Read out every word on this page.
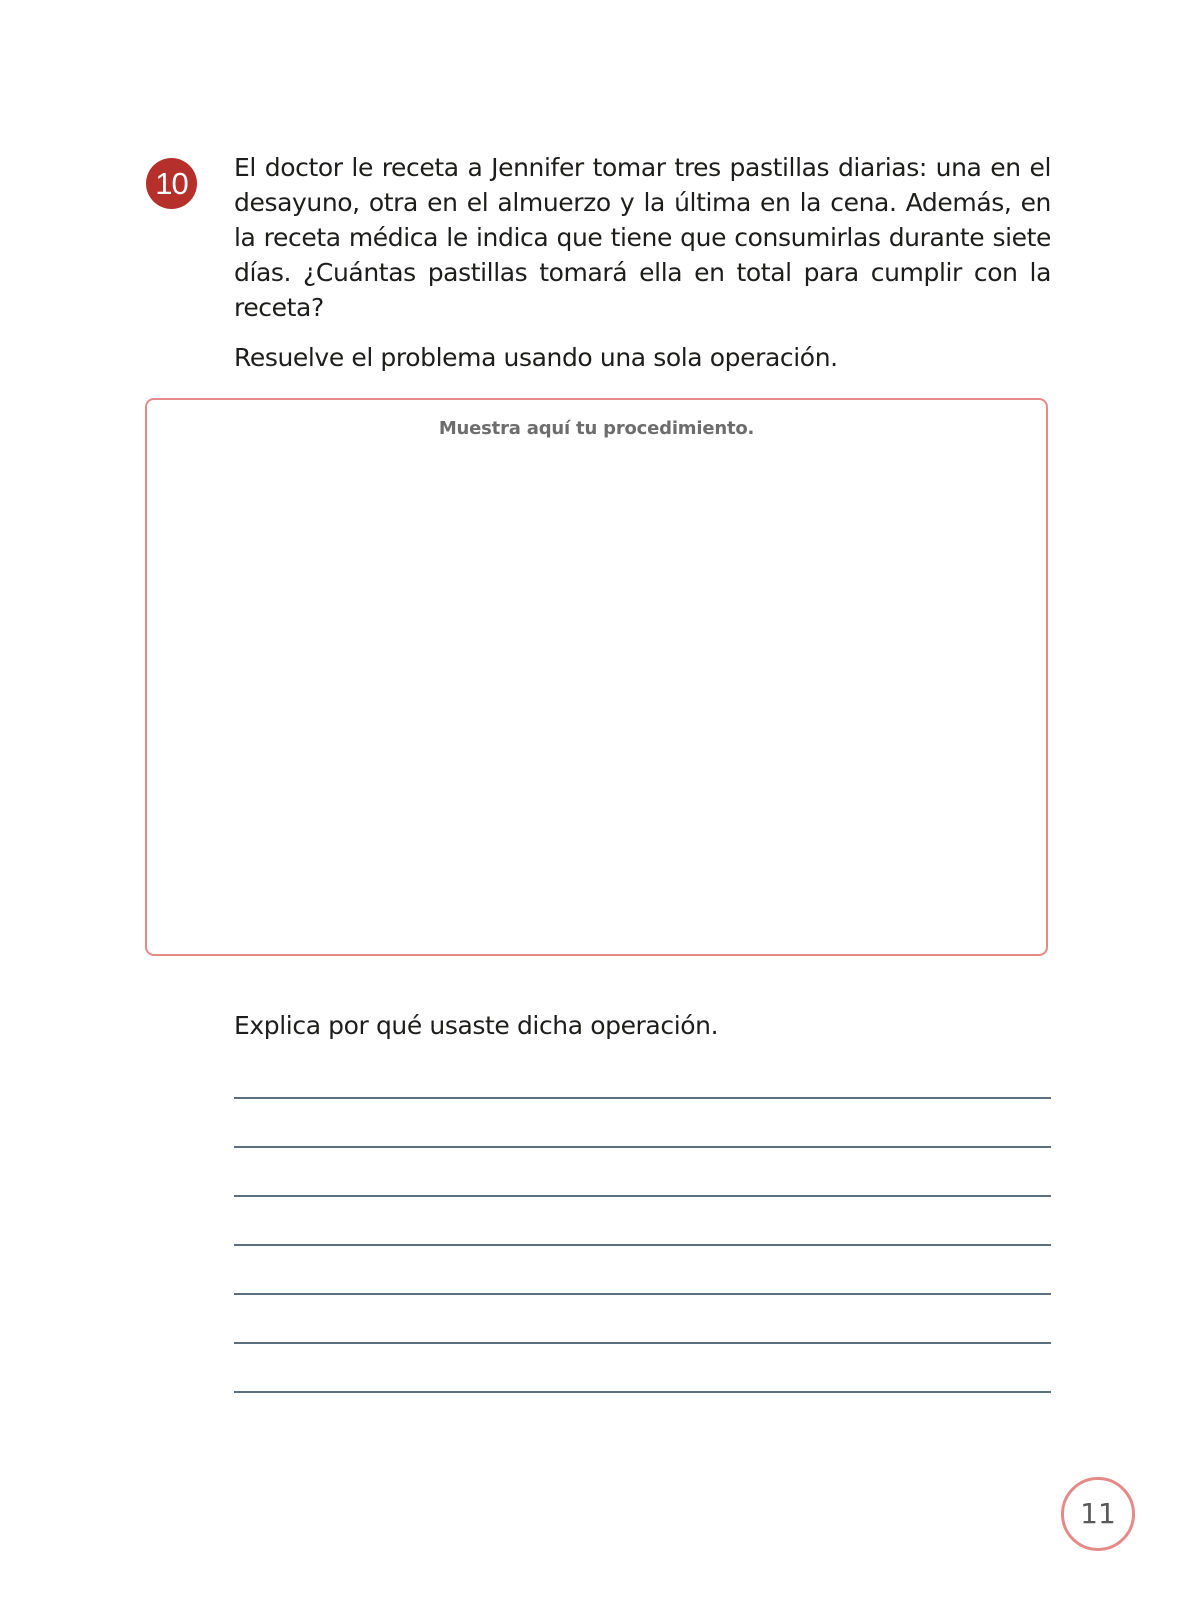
10	El doctor le receta a Jennifer tomar tres pastillas diarias: una en el desayuno, otra en el almuerzo y la última en la cena. Además, en la receta médica le indica que tiene que consumirlas durante siete días. ¿Cuántas pastillas tomará ella en total para cumplir con la receta?

Resuelve el problema usando una sola operación.

Muestra aquí tu procedimiento.

Explica por qué usaste dicha operación.

11
